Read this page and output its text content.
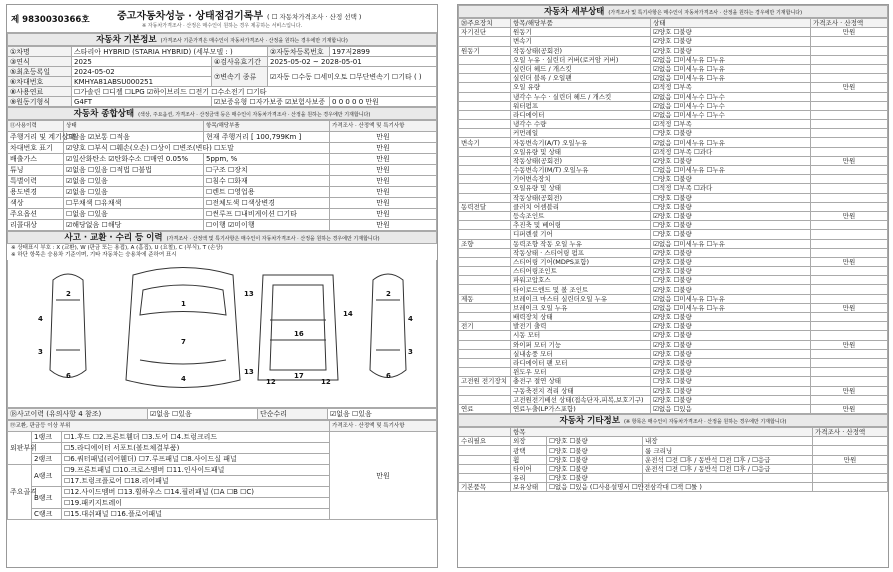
제 9830030366호	중고자동차성능 · 상태점검기록부 ( ☐ 자동차가격조사 · 산정 선택 )
※ 자동차가격조사 · 산정은 매수인이 원하는 경우 제공하는 서비스입니다.
자동차 기본정보 (가격조사 기준가격은 매수인이 자동차가격조사 · 산정을 원하는 경우에만 기재합니다)
①차명	스타리아 HYBRID (STARIA HYBRID) (세부모델 : )		②자동차등록번호	197저2899
③연식	2025	④검사유효기간	2025-05-02 ~ 2028-05-01	
⑤최초등록일	2024-05-02	⑦변속기 종류	☑자동 ☐수동 ☐세미오토 ☐무단변속기 ☐기타 ( )	
⑥차대번호	KMHYA81ABSU000251			
⑧사용연료	☐가솔린 ☐디젤 ☐LPG ☑하이브리드 ☐전기 ☐수소전기 ☐기타			
⑨원동기형식	G4FT	☑보증유형 ☐자가보증 ☑보험사보증		0 0 0 0 0 만원
자동차 종합상태 (색상, 주요옵션, 가격조사 · 산정금액 등은 매수인이 자동차가격조사 · 산정을 원하는 경우에만 기재합니다)
⑪사용이력	상태	항목/해당부품	가격조사 · 산정액 및 특기사항
주행거리 및 계기상태	☐많음 ☑보통 ☐적음	현재 주행거리 [ 100,799Km ]	만원
차대번호 표기	☑양호 ☐부식 ☐훼손(오손) ☐상이 ☐변조(변타) ☐도말		만원
배출가스	☑일산화탄소 ☑탄화수소 ☐매연 0.05%	5ppm, %	만원
튜닝	☑없음 ☐있음 ☐적법 ☐불법	☐구조 ☐장치	만원
특별이력	☑없음 ☐있음	☐침수 ☐화재	만원
용도변경	☑없음 ☐있음	☐렌트 ☐영업용	만원
색상	☐무채색 ☐유채색	☐전체도색 ☐색상변경	만원
주요옵션	☐없음 ☐있음	☐썬루프 ☐내비게이션 ☐기타	만원
리콜대상	☑해당없음 ☐해당	☐이행 ☑미이행	만원
사고 · 교환 · 수리 등 이력 (가격조사 · 산정액 및 특기사항은 매수인이 자동차가격조사 · 산정을 원하는 경우에만 기재합니다)
※ 상태표시 부호 : X (교환), W (판금 또는 용접), A (흠집), U (요철), C (부식), T (손상)
※ 하단 항목은 승용차 기준이며, 기타 자동차는 승용차에 준하여 표시
2
4
3
6
1
7
4
13
13
16
17
12	12
14
2
4
3
6
⑱사고이력 (유의사항 4 참조)	☑없음 ☐있음	단순수리	☑없음 ☐있음
⑲교환, 판금등 이상 부위			가격조사 · 산정액 및 특기사항
외판부위	1랭크	☐1.후드 ☐2.프론트휀더 ☐3.도어 ☐4.트렁크리드	만원
		☐5.라디에이터 서포트(볼트체결부품)	
	2랭크	☐6.쿼터패널(리어휀더) ☐7.루프패널 ☐8.사이드실 패널	
주요골격	A랭크	☐9.프론트패널 ☐10.크로스멤버 ☐11.인사이드패널	
		☐17.트렁크플로어 ☐18.리어패널	
	B랭크	☐12.사이드멤버 ☐13.휠하우스 ☐14.필러패널 (☐A ☐B ☐C)	
		☐19.패키지트레이	
	C랭크	☐15.대쉬패널 ☐16.플로어패널	
자동차 세부상태 (가격조사 및 특기사항은 매수인이 자동차가격조사 · 산정을 원하는 경우에만 기재합니다)
⑳주요장치	항목/해당부품	상태	가격조사 · 산정액
자기진단	원동기	☑양호 ☐불량	만원
	변속기	☑양호 ☐불량	
원동기	작동상태(공회전)	☑양호 ☐불량	
	오일 누유 · 실린더 커버(로커암 커버)	☑없음 ☐미세누유 ☐누유	
	실린더 헤드 / 개스킷	☑없음 ☐미세누유 ☐누유	
	실린더 블록 / 오일팬	☑없음 ☐미세누유 ☐누유	
	오일 유량	☑적정 ☐부족	만원
	냉각수 누수 · 실린더 헤드 / 개스킷	☑없음 ☐미세누수 ☐누수	
	워터펌프	☑없음 ☐미세누수 ☐누수	
	라디에이터	☑없음 ☐미세누수 ☐누수	
	냉각수 수량	☑적정 ☐부족	
	커먼레일	☐양호 ☐불량	
변속기	자동변속기(A/T) 오일누유	☑없음 ☐미세누유 ☐누유	
	오일유량 및 상태	☑적정 ☐부족 ☐과다	
	작동상태(공회전)	☑양호 ☐불량	만원
	수동변속기(M/T) 오일누유	☐없음 ☐미세누유 ☐누유	
	기어변속장치	☐양호 ☐불량	
	오일유량 및 상태	☐적정 ☐부족 ☐과다	
	작동상태(공회전)	☐양호 ☐불량	
동력전달	클러치 어셈블리	☐양호 ☐불량	
	등속조인트	☑양호 ☐불량	만원
	추진축 및 베어링	☐양호 ☐불량	
	디퍼렌셜 기어	☐양호 ☐불량	
조향	동력조향 작동 오일 누유	☑없음 ☐미세누유 ☐누유	
	작동상태 · 스티어링 펌프	☑양호 ☐불량	
	스티어링 기어(MDPS포함)	☑양호 ☐불량	만원
	스티어링조인트	☑양호 ☐불량	
	파워고압호스	☐양호 ☐불량	
	타이로드엔드 및 볼 조인트	☑양호 ☐불량	
제동	브레이크 마스터 실린더오일 누유	☑없음 ☐미세누유 ☐누유	
	브레이크 오일 누유	☑없음 ☐미세누유 ☐누유	만원
	배력장치 상태	☑양호 ☐불량	
전기	발전기 출력	☑양호 ☐불량	
	시동 모터	☑양호 ☐불량	
	와이퍼 모터 기능	☑양호 ☐불량	만원
	실내송풍 모터	☑양호 ☐불량	
	라디에이터 팬 모터	☑양호 ☐불량	
	윈도우 모터	☑양호 ☐불량	
고전원 전기장치	충전구 절연 상태	☐양호 ☐불량	
	구동축전지 격리 상태	☑양호 ☐불량	만원
	고전원전기배선 상태(접속단자,피복,보호기구)	☑양호 ☐불량	
연료	연료누출(LP가스포함)	☑없음 ☐있음	만원
자동차 기타정보 (※ 항목은 매수인이 자동차가격조사 · 산정을 원하는 경우에만 기재합니다)
	항목			가격조사 · 산정액
수리필요	외장	☐양호 ☐불량	내장	
	광택	☐양호 ☐불량	룸 크리닝	
	휠	☐양호 ☐불량	운전석 ☐전 ☐후 / 동반석 ☐전 ☐후 / ☐응급	만원
	타이어	☐양호 ☐불량	운전석 ☐전 ☐후 / 동반석 ☐전 ☐후 / ☐응급	
	유리	☐양호 ☐불량		
기본품목	보유상태	☐없음 ☐있음 (☐사용설명서 ☐안전삼각대 ☐잭 ☐툴 )		
